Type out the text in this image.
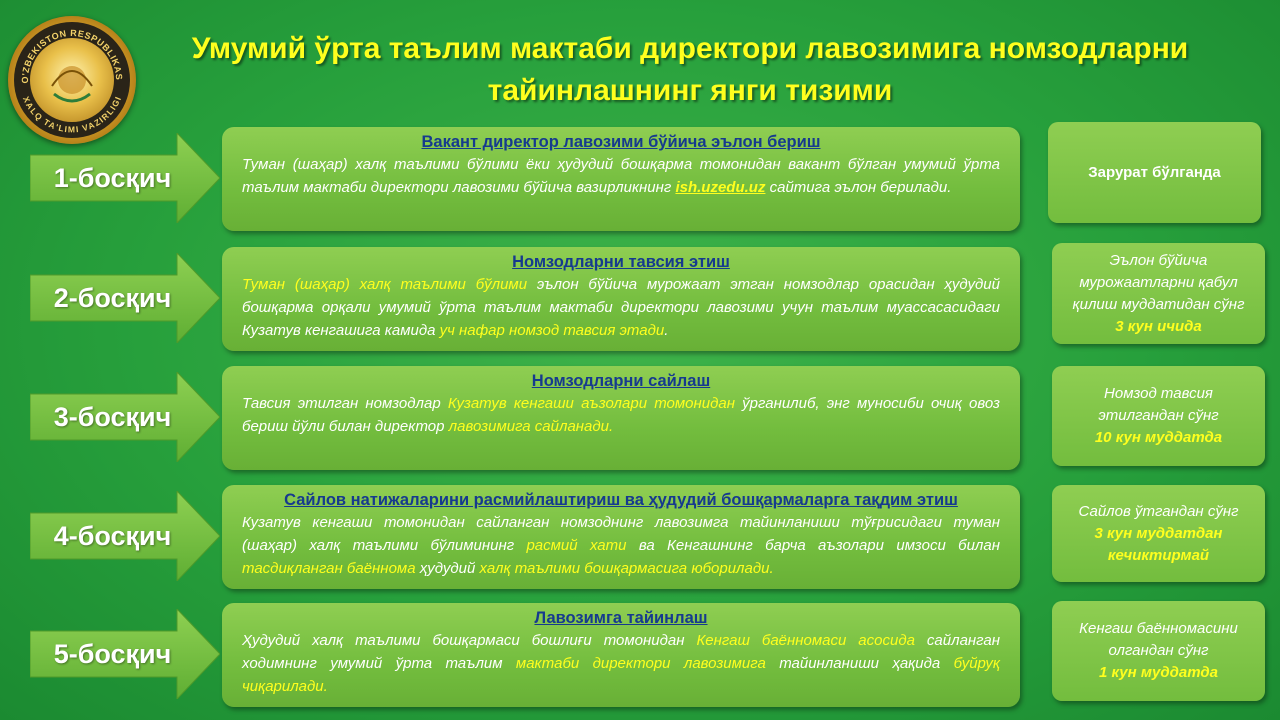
O'ZBEKISTON RESPUBLIKAS
XALQ TA'LIMI VAZIRLIGI
Умумий ўрта таълим мактаби директори лавозимига номзодларни
тайинлашнинг янги тизими
1-босқич
Вакант директор лавозими бўйича эълон бериш
Туман (шаҳар) халқ таълими бўлими ёки ҳудудий бошқарма томонидан вакант бўлган умумий ўрта таълим мактаби директори лавозими бўйича вазирликнинг ish.uzedu.uz сайтига эълон берилади.
Зарурат бўлганда
2-босқич
Номзодларни тавсия этиш
Туман (шаҳар) халқ таълими бўлими эълон бўйича мурожаат этган номзодлар орасидан ҳудудий бошқарма орқали умумий ўрта таълим мактаби директори лавозими учун таълим муассасасидаги Кузатув кенгашига камида уч нафар номзод тавсия этади.
Эълон бўйича
мурожаатларни қабул
қилиш муддатидан сўнг
3 кун ичида
3-босқич
Номзодларни сайлаш
Тавсия этилган номзодлар Кузатув кенгаши аъзолари томонидан ўрганилиб, энг муносиби очиқ овоз бериш йўли билан директор лавозимига сайланади.
Номзод тавсия
этилгандан сўнг
10 кун муддатда
4-босқич
Сайлов натижаларини расмийлаштириш ва ҳудудий бошқармаларга тақдим этиш
Кузатув кенгаши томонидан сайланган номзоднинг лавозимга тайинланиши тўғрисидаги туман (шаҳар) халқ таълими бўлимининг расмий хати ва Кенгашнинг барча аъзолари имзоси билан тасдиқланган баённома ҳудудий халқ таълими бошқармасига юборилади.
Сайлов ўтгандан сўнг
3 кун муддатдан
кечиктирмай
5-босқич
Лавозимга тайинлаш
Ҳудудий халқ таълими бошқармаси бошлиғи томонидан Кенгаш баённомаси асосида сайланган ходимнинг умумий ўрта таълим мактаби директори лавозимига тайинланиши ҳақида буйруқ чиқарилади.
Кенгаш баённомасини
олгандан сўнг
1 кун муддатда
